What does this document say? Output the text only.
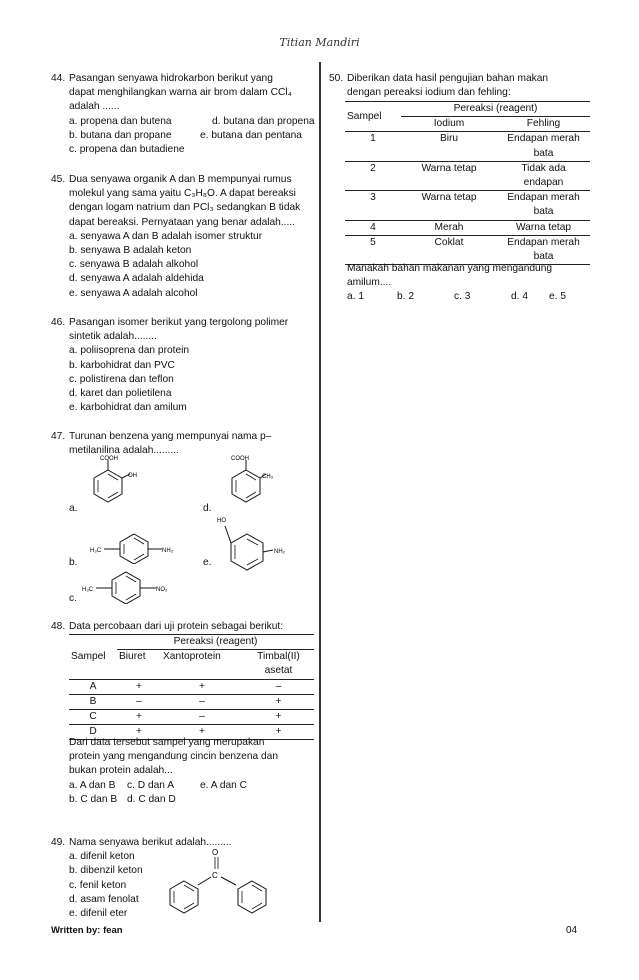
Titian Mandiri
44. Pasangan senyawa hidrokarbon berikut yang
dapat menghilangkan warna air brom dalam CCl₄
adalah ......
a. propena dan butena	d. butana dan propena
b. butana dan propane	e. butana dan pentana
c. propena dan butadiene
45. Dua senyawa organik A dan B mempunyai rumus
molekul yang sama yaitu C₃H₈O. A dapat bereaksi
dengan logam natrium dan PCl₃ sedangkan B tidak
dapat bereaksi. Pernyataan yang benar adalah.....
a. senyawa A dan B adalah isomer struktur
b. senyawa B adalah keton
c. senyawa B adalah alkohol
d. senyawa A adalah aldehida
e. senyawa A adalah alcohol
46. Pasangan isomer berikut yang tergolong polimer
sintetik adalah........
a. poliisoprena dan protein
b. karbohidrat dan PVC
c. polistirena dan teflon
d. karet dan polietilena
e. karbohidrat dan amilum
47. Turunan benzena yang mempunyai nama p–
metilanilina adalah.........
a.	d.
b.	e.
c.
COOH
OH
COOH
CH₃
H₃C	NH₂
HO
NH₂
H₃C	NO₂
48. Data percobaan dari uji protein sebagai berikut:
	Pereaksi (reagent)		
Sampel	Biuret	Xantoprotein	Timbal(II)
			asetat
A	+	+	–
B	–	–	+
C	+	–	+
D	+	+	+
Dari data tersebut sampel yang merupakan
protein yang mengandung cincin benzena dan
bukan protein adalah...
a. A dan B	c. D dan A	e. A dan C
b. C dan B d. C dan D
49. Nama senyawa berikut adalah.........
a. difenil keton
b. dibenzil keton
c. fenil keton
d. asam fenolat
e. difenil eter
O
C
50. Diberikan data hasil pengujian bahan makan
dengan pereaksi iodium dan fehling:
Sampel	Pereaksi (reagent)	
	Iodium	Fehling
1	Biru	Endapan merah
		bata
2	Warna tetap	Tidak ada
		endapan
3	Warna tetap	Endapan merah
		bata
4	Merah	Warna tetap
5	Coklat	Endapan merah
		bata
Manakah bahan makanan yang mengandung
amilum....
a. 1	b. 2	c. 3	d. 4	e. 5
Written by: fean	04
